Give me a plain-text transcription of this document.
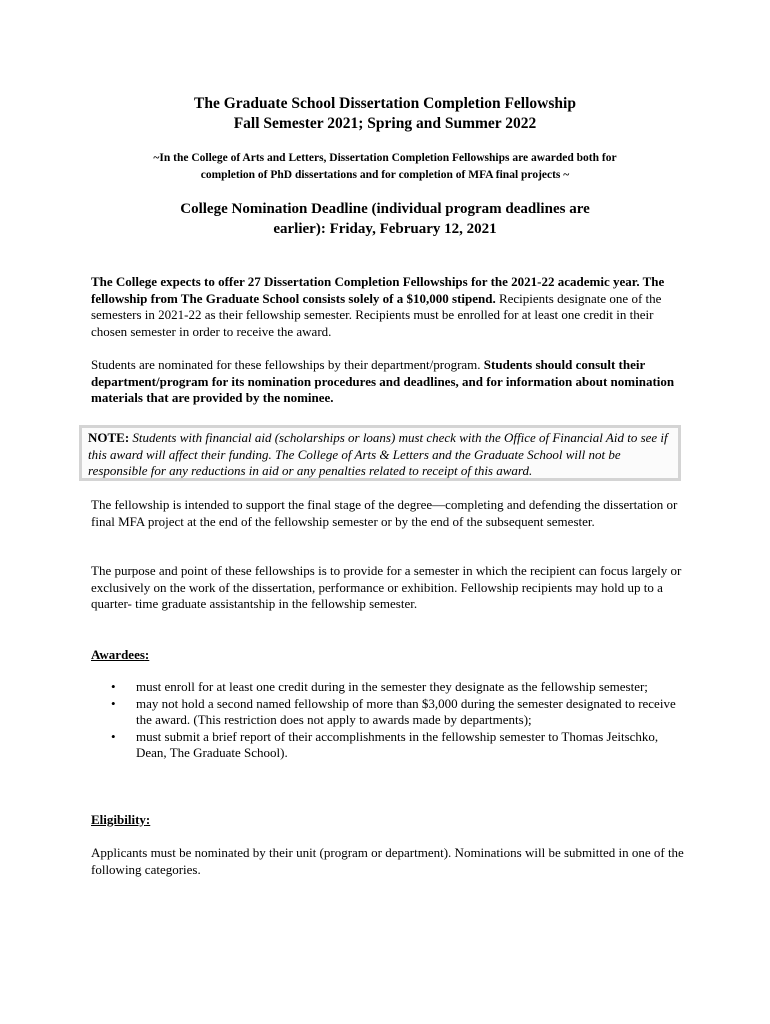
The Graduate School Dissertation Completion Fellowship
Fall Semester 2021; Spring and Summer 2022
~In the College of Arts and Letters, Dissertation Completion Fellowships are awarded both for
completion of PhD dissertations and for completion of MFA final projects ~
College Nomination Deadline (individual program deadlines are
earlier): Friday, February 12, 2021
The College expects to offer 27 Dissertation Completion Fellowships for the 2021-22 academic year. The fellowship from The Graduate School consists solely of a $10,000 stipend. Recipients designate one of the semesters in 2021-22 as their fellowship semester. Recipients must be enrolled for at least one credit in their chosen semester in order to receive the award.
Students are nominated for these fellowships by their department/program. Students should consult their department/program for its nomination procedures and deadlines, and for information about nomination materials that are provided by the nominee.
NOTE: Students with financial aid (scholarships or loans) must check with the Office of Financial Aid to see if this award will affect their funding. The College of Arts & Letters and the Graduate School will not be responsible for any reductions in aid or any penalties related to receipt of this award.
The fellowship is intended to support the final stage of the degree—completing and defending the dissertation or final MFA project at the end of the fellowship semester or by the end of the subsequent semester.
The purpose and point of these fellowships is to provide for a semester in which the recipient can focus largely or exclusively on the work of the dissertation, performance or exhibition. Fellowship recipients may hold up to a quarter- time graduate assistantship in the fellowship semester.
Awardees:
• must enroll for at least one credit during in the semester they designate as the fellowship semester;
• may not hold a second named fellowship of more than $3,000 during the semester designated to receive the award. (This restriction does not apply to awards made by departments);
• must submit a brief report of their accomplishments in the fellowship semester to Thomas Jeitschko, Dean, The Graduate School).
Eligibility:
Applicants must be nominated by their unit (program or department). Nominations will be submitted in one of the following categories.
